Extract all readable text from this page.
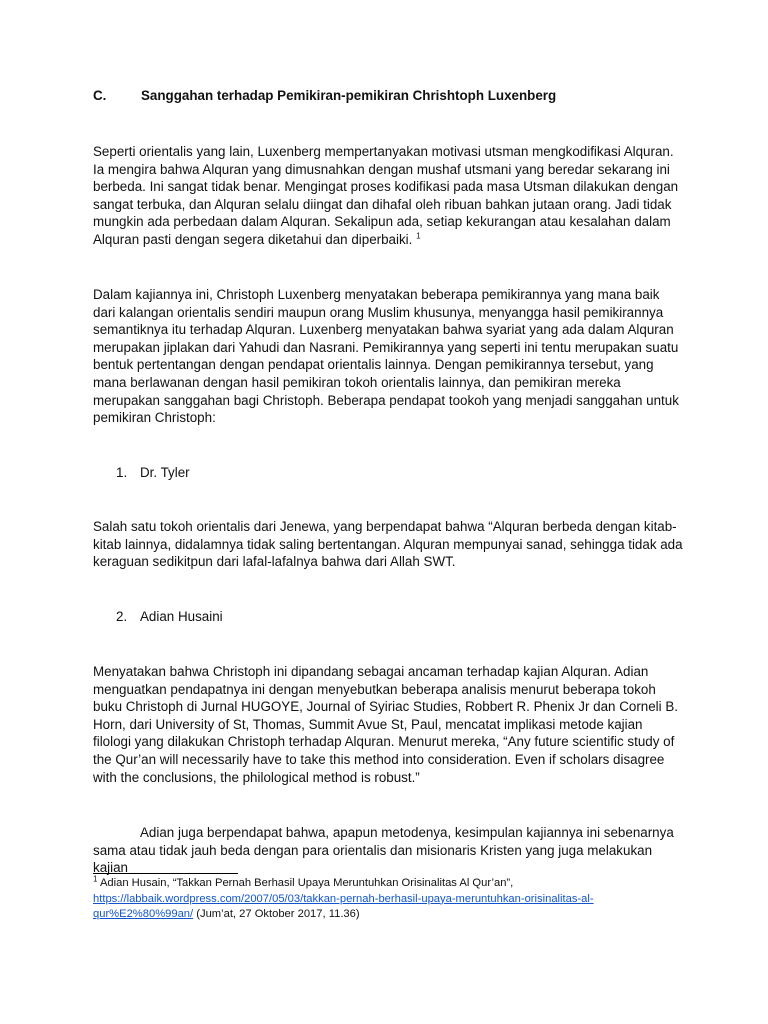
C.	Sanggahan terhadap Pemikiran-pemikiran Chrishtoph Luxenberg
Seperti orientalis yang lain, Luxenberg mempertanyakan motivasi utsman mengkodifikasi Alquran. Ia mengira bahwa Alquran yang dimusnahkan dengan mushaf utsmani yang beredar sekarang ini berbeda. Ini sangat tidak benar. Mengingat proses kodifikasi pada masa Utsman dilakukan dengan sangat terbuka, dan Alquran selalu diingat dan dihafal oleh ribuan bahkan jutaan orang. Jadi tidak mungkin ada perbedaan dalam Alquran. Sekalipun ada, setiap kekurangan atau kesalahan dalam Alquran pasti dengan segera diketahui dan diperbaiki. $^1$
Dalam kajiannya ini, Christoph Luxenberg menyatakan beberapa pemikirannya yang mana baik dari kalangan orientalis sendiri maupun orang Muslim khusunya, menyangga hasil pemikirannya semantiknya itu terhadap Alquran. Luxenberg menyatakan bahwa syariat yang ada dalam Alquran merupakan jiplakan dari Yahudi dan Nasrani. Pemikirannya yang seperti ini tentu merupakan suatu bentuk pertentangan dengan pendapat orientalis lainnya. Dengan pemikirannya tersebut, yang mana berlawanan dengan hasil pemikiran tokoh orientalis lainnya, dan pemikiran mereka merupakan sanggahan bagi Christoph. Beberapa pendapat tookoh yang menjadi sanggahan untuk pemikiran Christoph:
1. Dr. Tyler
Salah satu tokoh orientalis dari Jenewa, yang berpendapat bahwa “Alquran berbeda dengan kitab-kitab lainnya, didalamnya tidak saling bertentangan. Alquran mempunyai sanad, sehingga tidak ada keraguan sedikitpun dari lafal-lafalnya bahwa dari Allah SWT.
2. Adian Husaini
Menyatakan bahwa Christoph ini dipandang sebagai ancaman terhadap kajian Alquran. Adian menguatkan pendapatnya ini dengan menyebutkan beberapa analisis menurut beberapa tokoh buku Christoph di Jurnal HUGOYE, Journal of Syiriac Studies, Robbert R. Phenix Jr dan Corneli B. Horn, dari University of St, Thomas, Summit Avue St, Paul, mencatat implikasi metode kajian filologi yang dilakukan Christoph terhadap Alquran. Menurut mereka, “Any future scientific study of the Qur’an will necessarily have to take this method into consideration. Even if scholars disagree with the conclusions, the philological method is robust.”
Adian juga berpendapat bahwa, apapun metodenya, kesimpulan kajiannya ini sebenarnya sama atau tidak jauh beda dengan para orientalis dan misionaris Kristen yang juga melakukan kajian
$^1$ Adian Husain, “Takkan Pernah Berhasil Upaya Meruntuhkan Orisinalitas Al Qur’an”,
https://labbaik.wordpress.com/2007/05/03/takkan-pernah-berhasil-upaya-meruntuhkan-orisinalitas-al-qur%E2%80%99an/ (Jum’at, 27 Oktober 2017, 11.36)
